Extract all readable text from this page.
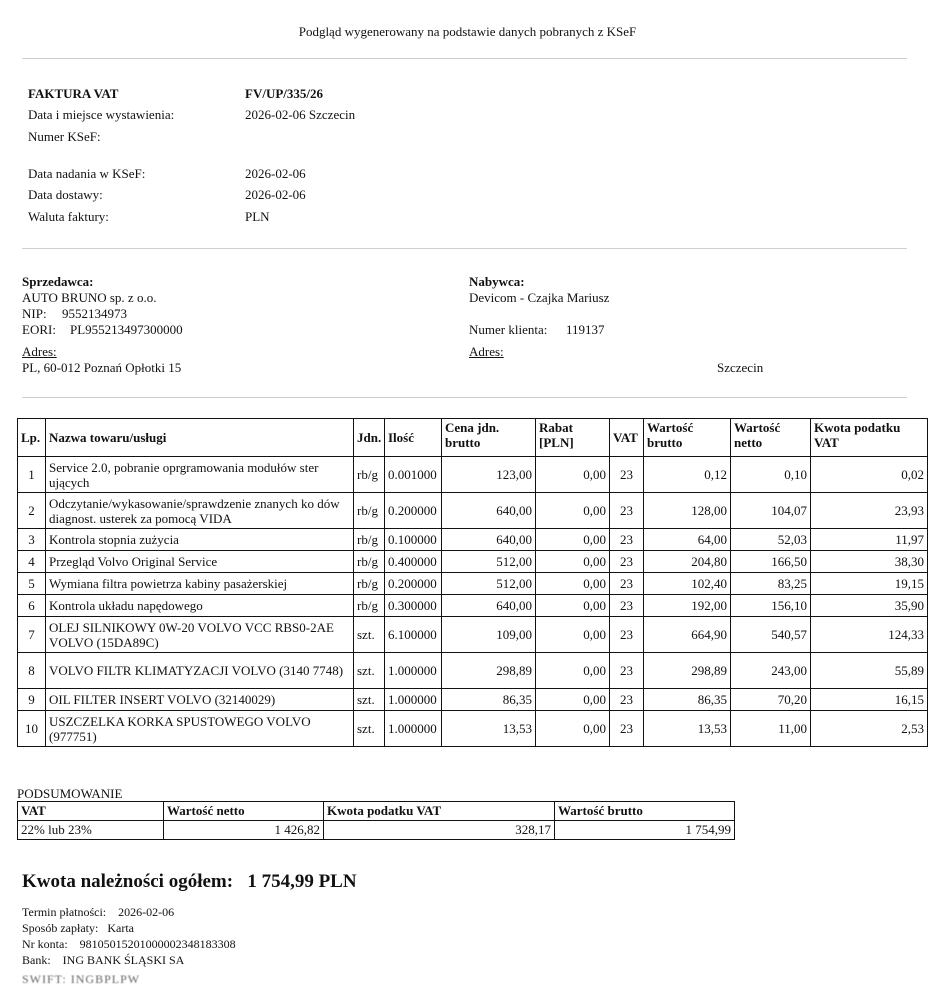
Podgląd wygenerowany na podstawie danych pobranych z KSeF
FAKTURA VAT	FV/UP/335/26
Data i miejsce wystawienia:	2026-02-06 Szczecin
Numer KSeF:
Data nadania w KSeF:	2026-02-06
Data dostawy:	2026-02-06
Waluta faktury:	PLN
Sprzedawca:
AUTO BRUNO sp. z o.o.
NIP: 9552134973
EORI: PL955213497300000
Adres:
PL, 60-012 Poznań Opłotki 15
Nabywca:
Devicom - Czajka Mariusz
Numer klienta: 119137
Adres:
Szczecin
Lp.	Nazwa towaru/usługi	Jdn.	Ilość	Cena jdn. brutto	Rabat [PLN]	VAT	Wartość brutto	Wartość netto	Kwota podatku VAT
1	Service 2.0, pobranie oprgramowania modułów ster ujących	rb/g	0.001000	123,00	0,00	23	0,12	0,10	0,02
2	Odczytanie/wykasowanie/sprawdzenie znanych ko dów diagnost. usterek za pomocą VIDA	rb/g	0.200000	640,00	0,00	23	128,00	104,07	23,93
3	Kontrola stopnia zużycia	rb/g	0.100000	640,00	0,00	23	64,00	52,03	11,97
4	Przegląd Volvo Original Service	rb/g	0.400000	512,00	0,00	23	204,80	166,50	38,30
5	Wymiana filtra powietrza kabiny pasażerskiej	rb/g	0.200000	512,00	0,00	23	102,40	83,25	19,15
6	Kontrola układu napędowego	rb/g	0.300000	640,00	0,00	23	192,00	156,10	35,90
7	OLEJ SILNIKOWY 0W-20 VOLVO VCC RBS0-2AE VOLVO (15DA89C)	szt.	6.100000	109,00	0,00	23	664,90	540,57	124,33
8	VOLVO FILTR KLIMATYZACJI VOLVO (3140 7748)	szt.	1.000000	298,89	0,00	23	298,89	243,00	55,89
9	OIL FILTER INSERT VOLVO (32140029)	szt.	1.000000	86,35	0,00	23	86,35	70,20	16,15
10	USZCZELKA KORKA SPUSTOWEGO VOLVO (977751)	szt.	1.000000	13,53	0,00	23	13,53	11,00	2,53
PODSUMOWANIE
VAT	Wartość netto	Kwota podatku VAT	Wartość brutto
22% lub 23%	1 426,82	328,17	1 754,99
Kwota należności ogółem: 1 754,99 PLN
Termin płatności: 2026-02-06
Sposób zapłaty: Karta
Nr konta: 98105015201000002348183308
Bank: ING BANK ŚLĄSKI SA
SWIFT: INGBPLPW
